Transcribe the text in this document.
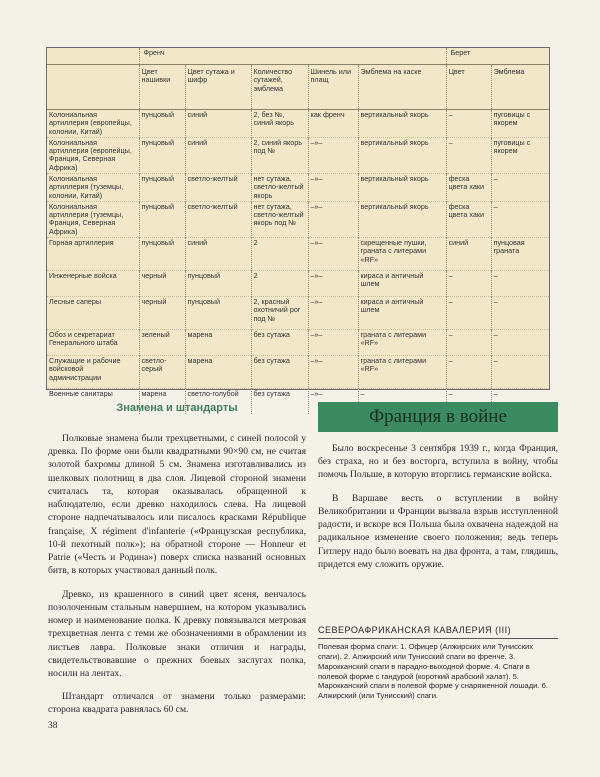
	Френч					Берет	
	Цвет нашивки	Цвет сутажа и шифр	Количество сутажей, эмблема	Шинель или плащ	Эмблема на каске	Цвет	Эмблема
Колониальная артиллерия (европейцы, колонии, Китай)	пунцовый	синий	2, без №, синий якорь	как френч	вертикальный якорь	–	пуговицы с якорем
Колониальная артиллерия (европейцы, Франция, Северная Африка)	пунцовый	синий	2, синий якорь под №	–»–	вертикальный якорь	–	пуговицы с якорем
Колониальная артиллерия (туземцы, колонии, Китай)	пунцовый	светло-желтый	нет сутажа, светло-желтый якорь	–»–	вертикальный якорь	феска цвета хаки	–
Колониальная артиллерия (туземцы, Франция, Северная Африка)	пунцовый	светло-желтый	нет сутажа, светло-желтый якорь под №	–»–	вертикальный якорь	феска цвета хаки	–
Горная артиллерия	пунцовый	синий	2	–»–	скрещенные пушки, граната с литерами «RF»	синий	пунцовая граната
Инженерные войска	черный	пунцовый	2	–»–	кираса и античный шлем	–	–
Лесные саперы	черный	пунцовый	2, красный охотничий рог под №	–»–	кираса и античный шлем	–	–
Обоз и секретариат Генерального штаба	зеленый	марена	без сутажа	–»–	граната с литерами «RF»	–	–
Служащие и рабочие войсковой администрации	светло-серый	марена	без сутажа	–»–	граната с литерами «RF»	–	–
Военные санитары	марена	светло-голубой	без сутажа	–»–	–	–	–
Знамена и штандарты

Полковые знамена были трехцветными, с синей полосой у древка. По форме они были квадратными 90×90 см, не считая золотой бахромы длиной 5 см. Знамена изготавливались из шелковых полотнищ в два слоя. Лицевой стороной знамени считалась та, которая оказывалась обращенной к наблюдателю, если древко находилось слева. На лицевой стороне надпечатывалось или писалось красками République française, X régiment d'infanterie («Французская республика, 10-й пехотный полк»); на обратной стороне — Honneur et Patrie («Честь и Родина») поверх списка названий основных битв, в которых участвовал данный полк.

Древко, из крашенного в синий цвет ясеня, венчалось позолоченным стальным навершием, на котором указывались номер и наименование полка. К древку повязывался метровая трехцветная лента с теми же обозначениями в обрамлении из листьев лавра. Полковые знаки отличия и награды, свидетельствовавшие о прежних боевых заслугах полка, носили на лентах.

Штандарт отличался от знамени только размерами: сторона квадрата равнялась 60 см.

Франция в войне

Было воскресенье 3 сентября 1939 г., когда Франция, без страха, но и без восторга, вступила в войну, чтобы помочь Польше, в которую вторглись германские войска.

В Варшаве весть о вступлении в войну Великобритании и Франции вызвала взрыв исступленной радости, и вскоре вся Польша была охвачена надеждой на радикальное изменение своего положения; ведь теперь Гитлеру надо было воевать на два фронта, а там, глядишь, придется ему сложить оружие.

СЕВЕРОАФРИКАНСКАЯ КАВАЛЕРИЯ (III)
Полевая форма спаги: 1. Офицер (Алжирских или Тунисских спаги). 2. Алжирский или Тунисский спаги во френче. 3. Марокканский спаги в парадно-выходной форме. 4. Спаги в полевой форме с гандурой (короткий арабский халат). 5. Марокканский спаги в полевой форме у снаряженной лошади. 6. Алжирский (или Тунисский) спаги.
38
